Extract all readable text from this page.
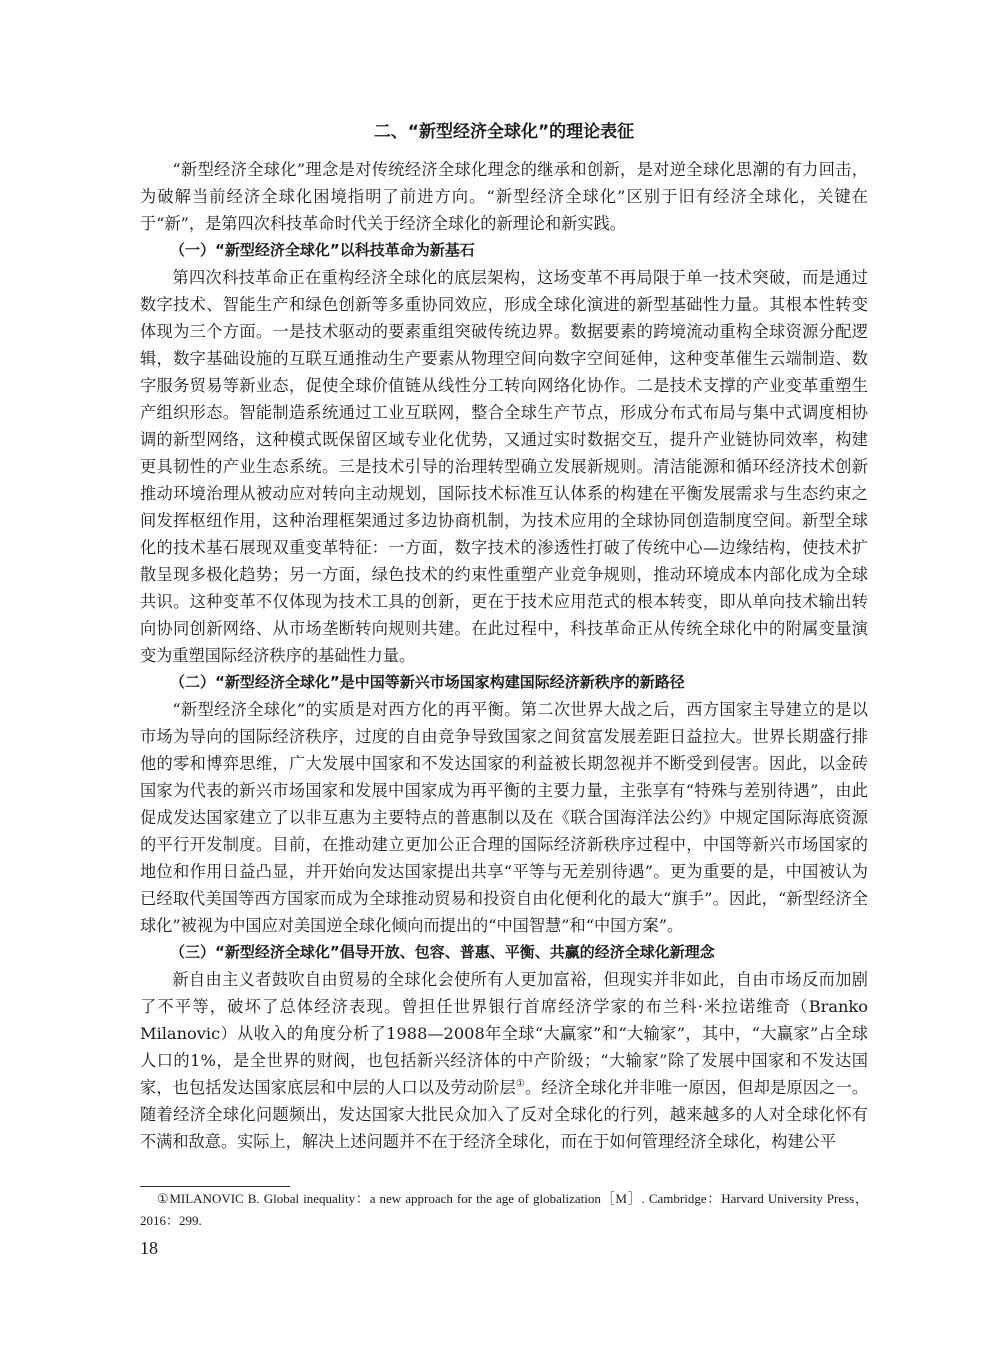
二、“新型经济全球化”的理论表征

“新型经济全球化”理念是对传统经济全球化理念的继承和创新，是对逆全球化思潮的有力回击，为破解当前经济全球化困境指明了前进方向。“新型经济全球化”区别于旧有经济全球化，关键在于“新”，是第四次科技革命时代关于经济全球化的新理论和新实践。

（一）“新型经济全球化”以科技革命为新基石

第四次科技革命正在重构经济全球化的底层架构，这场变革不再局限于单一技术突破，而是通过数字技术、智能生产和绿色创新等多重协同效应，形成全球化演进的新型基础性力量。其根本性转变体现为三个方面。一是技术驱动的要素重组突破传统边界。数据要素的跨境流动重构全球资源分配逻辑，数字基础设施的互联互通推动生产要素从物理空间向数字空间延伸，这种变革催生云端制造、数字服务贸易等新业态，促使全球价值链从线性分工转向网络化协作。二是技术支撑的产业变革重塑生产组织形态。智能制造系统通过工业互联网，整合全球生产节点，形成分布式布局与集中式调度相协调的新型网络，这种模式既保留区域专业化优势，又通过实时数据交互，提升产业链协同效率，构建更具韧性的产业生态系统。三是技术引导的治理转型确立发展新规则。清洁能源和循环经济技术创新推动环境治理从被动应对转向主动规划，国际技术标准互认体系的构建在平衡发展需求与生态约束之间发挥枢纽作用，这种治理框架通过多边协商机制，为技术应用的全球协同创造制度空间。新型全球化的技术基石展现双重变革特征：一方面，数字技术的渗透性打破了传统中心—边缘结构，使技术扩散呈现多极化趋势；另一方面，绿色技术的约束性重塑产业竞争规则，推动环境成本内部化成为全球共识。这种变革不仅体现为技术工具的创新，更在于技术应用范式的根本转变，即从单向技术输出转向协同创新网络、从市场垄断转向规则共建。在此过程中，科技革命正从传统全球化中的附属变量演变为重塑国际经济秩序的基础性力量。

（二）“新型经济全球化”是中国等新兴市场国家构建国际经济新秩序的新路径

“新型经济全球化”的实质是对西方化的再平衡。第二次世界大战之后，西方国家主导建立的是以市场为导向的国际经济秩序，过度的自由竞争导致国家之间贫富发展差距日益拉大。世界长期盛行排他的零和博弈思维，广大发展中国家和不发达国家的利益被长期忽视并不断受到侵害。因此，以金砖国家为代表的新兴市场国家和发展中国家成为再平衡的主要力量，主张享有“特殊与差别待遇”，由此促成发达国家建立了以非互惠为主要特点的普惠制以及在《联合国海洋法公约》中规定国际海底资源的平行开发制度。目前，在推动建立更加公正合理的国际经济新秩序过程中，中国等新兴市场国家的地位和作用日益凸显，并开始向发达国家提出共享“平等与无差别待遇”。更为重要的是，中国被认为已经取代美国等西方国家而成为全球推动贸易和投资自由化便利化的最大“旗手”。因此，“新型经济全球化”被视为中国应对美国逆全球化倾向而提出的“中国智慧”和“中国方案”。

（三）“新型经济全球化”倡导开放、包容、普惠、平衡、共赢的经济全球化新理念

新自由主义者鼓吹自由贸易的全球化会使所有人更加富裕，但现实并非如此，自由市场反而加剧了不平等，破坏了总体经济表现。曾担任世界银行首席经济学家的布兰科·米拉诺维奇（Branko Milanovic）从收入的角度分析了1988—2008年全球“大赢家”和“大输家”，其中，“大赢家”占全球人口的1%，是全世界的财阀，也包括新兴经济体的中产阶级；“大输家”除了发展中国家和不发达国家，也包括发达国家底层和中层的人口以及劳动阶层①。经济全球化并非唯一原因，但却是原因之一。随着经济全球化问题频出，发达国家大批民众加入了反对全球化的行列，越来越多的人对全球化怀有不满和敌意。实际上，解决上述问题并不在于经济全球化，而在于如何管理经济全球化，构建公平

①MILANOVIC B. Global inequality：a new approach for the age of globalization［M］. Cambridge：Harvard University Press，2016：299.
18
